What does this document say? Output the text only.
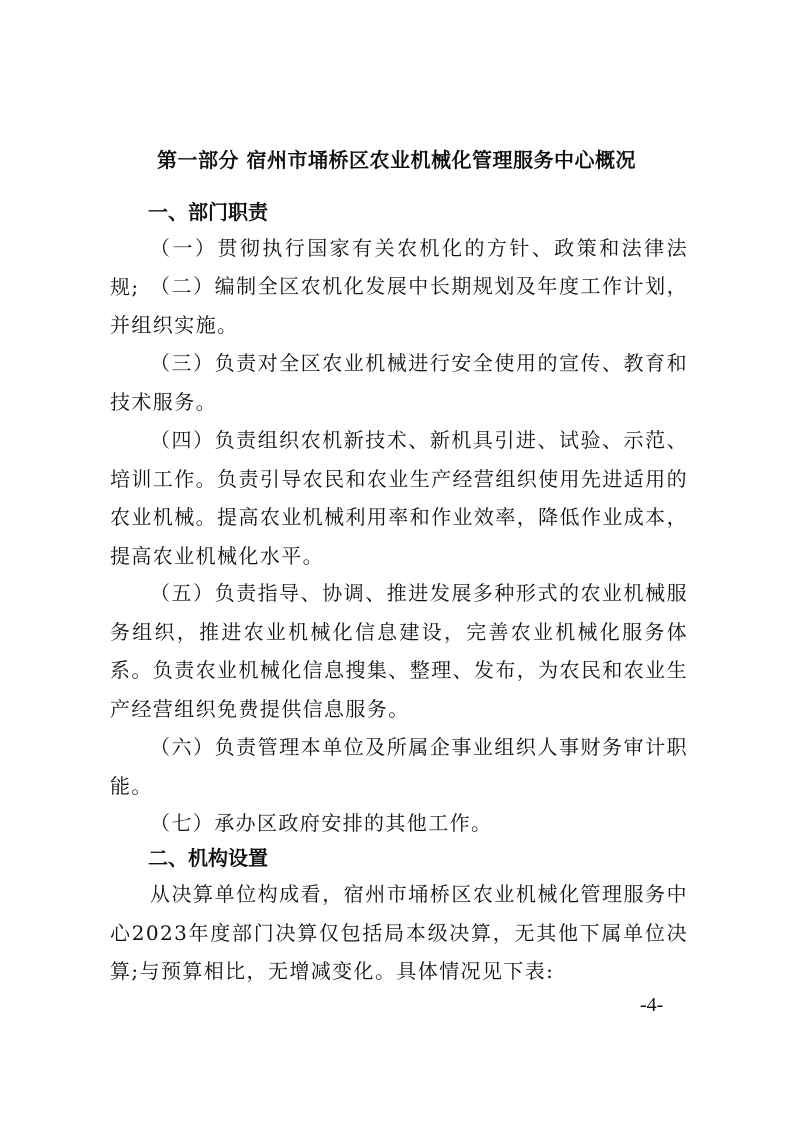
第一部分 宿州市埇桥区农业机械化管理服务中心概况
一、部门职责
（一）贯彻执行国家有关农机化的方针、政策和法律法规; （二）编制全区农机化发展中长期规划及年度工作计划，并组织实施。
（三）负责对全区农业机械进行安全使用的宣传、教育和技术服务。
（四）负责组织农机新技术、新机具引进、试验、示范、培训工作。负责引导农民和农业生产经营组织使用先进适用的农业机械。提高农业机械利用率和作业效率，降低作业成本，提高农业机械化水平。
（五）负责指导、协调、推进发展多种形式的农业机械服务组织，推进农业机械化信息建设，完善农业机械化服务体系。负责农业机械化信息搜集、整理、发布，为农民和农业生产经营组织免费提供信息服务。
（六）负责管理本单位及所属企事业组织人事财务审计职能。
（七）承办区政府安排的其他工作。
二、机构设置
从决算单位构成看，宿州市埇桥区农业机械化管理服务中心2023年度部门决算仅包括局本级决算，无其他下属单位决算;与预算相比，无增减变化。具体情况见下表:
-4-
